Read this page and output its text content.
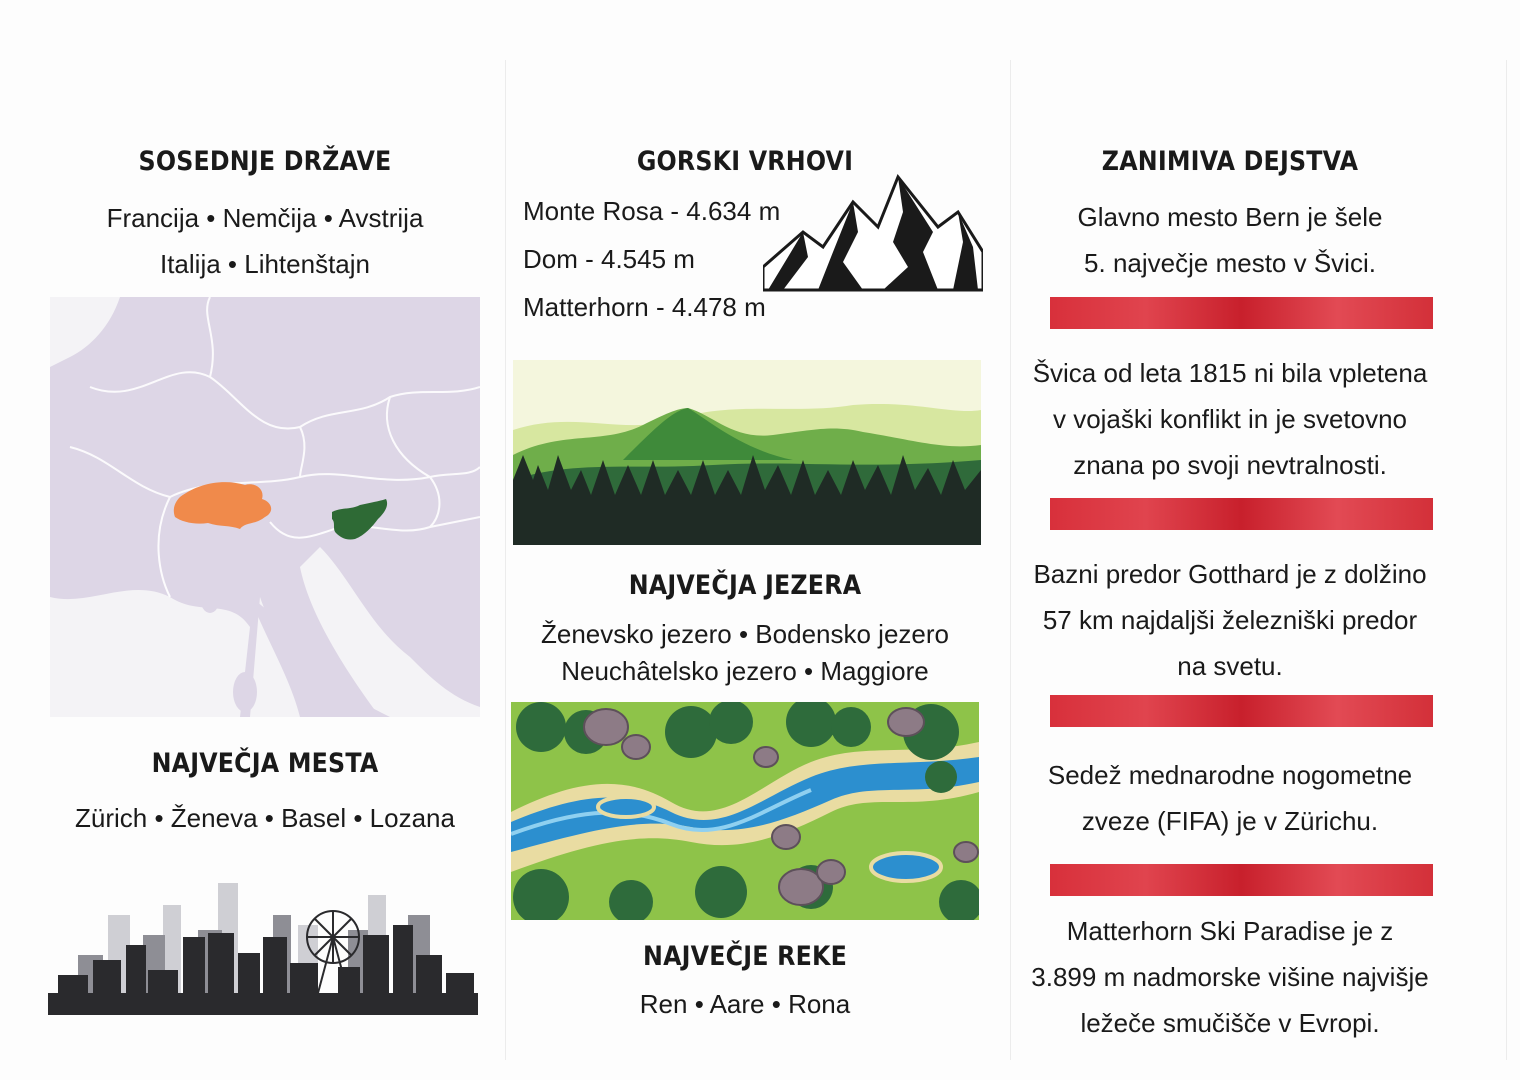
SOSEDNJE DRŽAVE
Francija • Nemčija • Avstrija
Italija • Lihtenštajn
NAJVEČJA MESTA
Zürich • Ženeva • Basel • Lozana
GORSKI VRHOVI
Monte Rosa - 4.634 m
Dom - 4.545 m
Matterhorn - 4.478 m
NAJVEČJA JEZERA
Ženevsko jezero • Bodensko jezero
Neuchâtelsko jezero • Maggiore
NAJVEČJE REKE
Ren • Aare • Rona
ZANIMIVA DEJSTVA
Glavno mesto Bern je šele
5. največje mesto v Švici.
Švica od leta 1815 ni bila vpletena
v vojaški konflikt in je svetovno
znana po svoji nevtralnosti.
Bazni predor Gotthard je z dolžino
57 km najdaljši železniški predor
na svetu.
Sedež mednarodne nogometne
zveze (FIFA) je v Zürichu.
Matterhorn Ski Paradise je z
3.899 m nadmorske višine najvišje
ležeče smučišče v Evropi.
